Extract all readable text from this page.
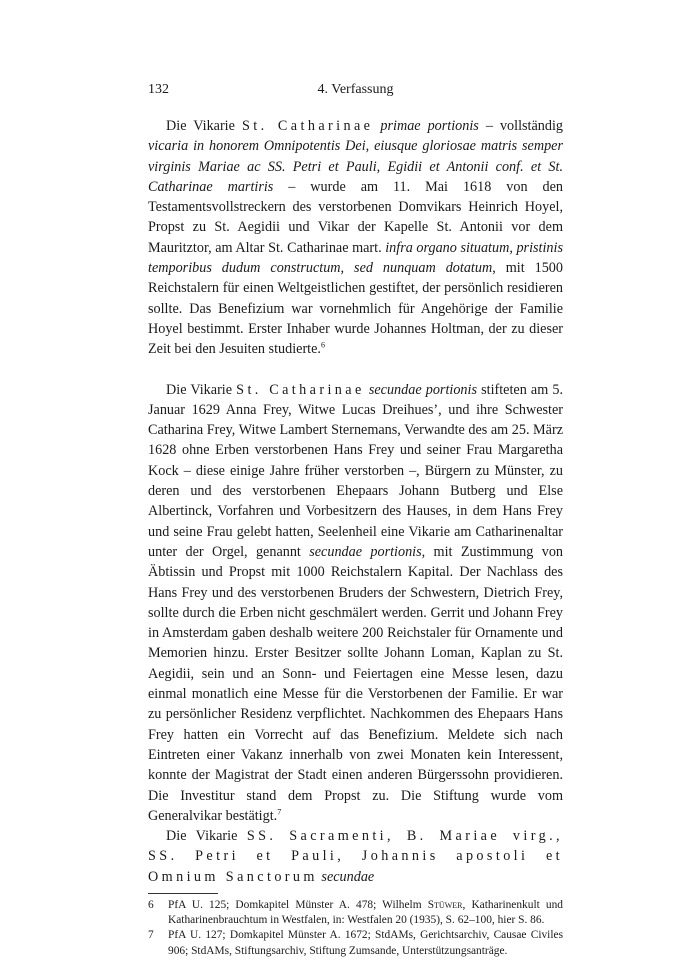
132	4. Verfassung

Die Vikarie St. Catharinae primae portionis – vollständig vicaria in honorem Omnipotentis Dei, eiusque gloriosae matris semper virginis Mariae ac SS. Petri et Pauli, Egidii et Antonii conf. et St. Catharinae martiris – wurde am 11. Mai 1618 von den Testamentsvollstreckern des verstorbenen Domvikars Heinrich Hoyel, Propst zu St. Aegidii und Vikar der Kapelle St. Antonii vor dem Mauritztor, am Altar St. Catharinae mart. infra organo situatum, pristinis temporibus dudum constructum, sed nunquam dotatum, mit 1500 Reichstalern für einen Weltgeistlichen gestiftet, der persönlich residieren sollte. Das Benefizium war vornehmlich für Angehörige der Familie Hoyel bestimmt. Erster Inhaber wurde Johannes Holtman, der zu dieser Zeit bei den Jesuiten studierte.$^6$

Die Vikarie St. Catharinae secundae portionis stifteten am 5. Januar 1629 Anna Frey, Witwe Lucas Dreihues’, und ihre Schwester Catharina Frey, Witwe Lambert Sternemans, Verwandte des am 25. März 1628 ohne Erben verstorbenen Hans Frey und seiner Frau Margaretha Kock – diese einige Jahre früher verstorben –, Bürgern zu Münster, zu deren und des verstorbenen Ehepaars Johann Butberg und Else Albertinck, Vorfahren und Vorbesitzern des Hauses, in dem Hans Frey und seine Frau gelebt hatten, Seelenheil eine Vikarie am Catharinenaltar unter der Orgel, genannt secundae portionis, mit Zustimmung von Äbtissin und Propst mit 1000 Reichstalern Kapital. Der Nachlass des Hans Frey und des verstorbenen Bruders der Schwestern, Dietrich Frey, sollte durch die Erben nicht geschmälert werden. Gerrit und Johann Frey in Amsterdam gaben deshalb weitere 200 Reichstaler für Ornamente und Memorien hinzu. Erster Besitzer sollte Johann Loman, Kaplan zu St. Aegidii, sein und an Sonn- und Feiertagen eine Messe lesen, dazu einmal monatlich eine Messe für die Verstorbenen der Familie. Er war zu persönlicher Residenz verpflichtet. Nachkommen des Ehepaars Hans Frey hatten ein Vorrecht auf das Benefizium. Meldete sich nach Eintreten einer Vakanz innerhalb von zwei Monaten kein Interessent, konnte der Magistrat der Stadt einen anderen Bürgerssohn providieren. Die Investitur stand dem Propst zu. Die Stiftung wurde vom Generalvikar bestätigt.$^7$

Die Vikarie SS. Sacramenti, B. Mariae virg., SS. Petri et Pauli, Johannis apostoli et Omnium Sanctorum secundae

6 PfA U. 125; Domkapitel Münster A. 478; Wilhelm Stüwer, Katharinenkult und Katharinenbrauchtum in Westfalen, in: Westfalen 20 (1935), S. 62–100, hier S. 86.
7 PfA U. 127; Domkapitel Münster A. 1672; StdAMs, Gerichtsarchiv, Causae Civiles 906; StdAMs, Stiftungsarchiv, Stiftung Zumsande, Unterstützungsanträge.
